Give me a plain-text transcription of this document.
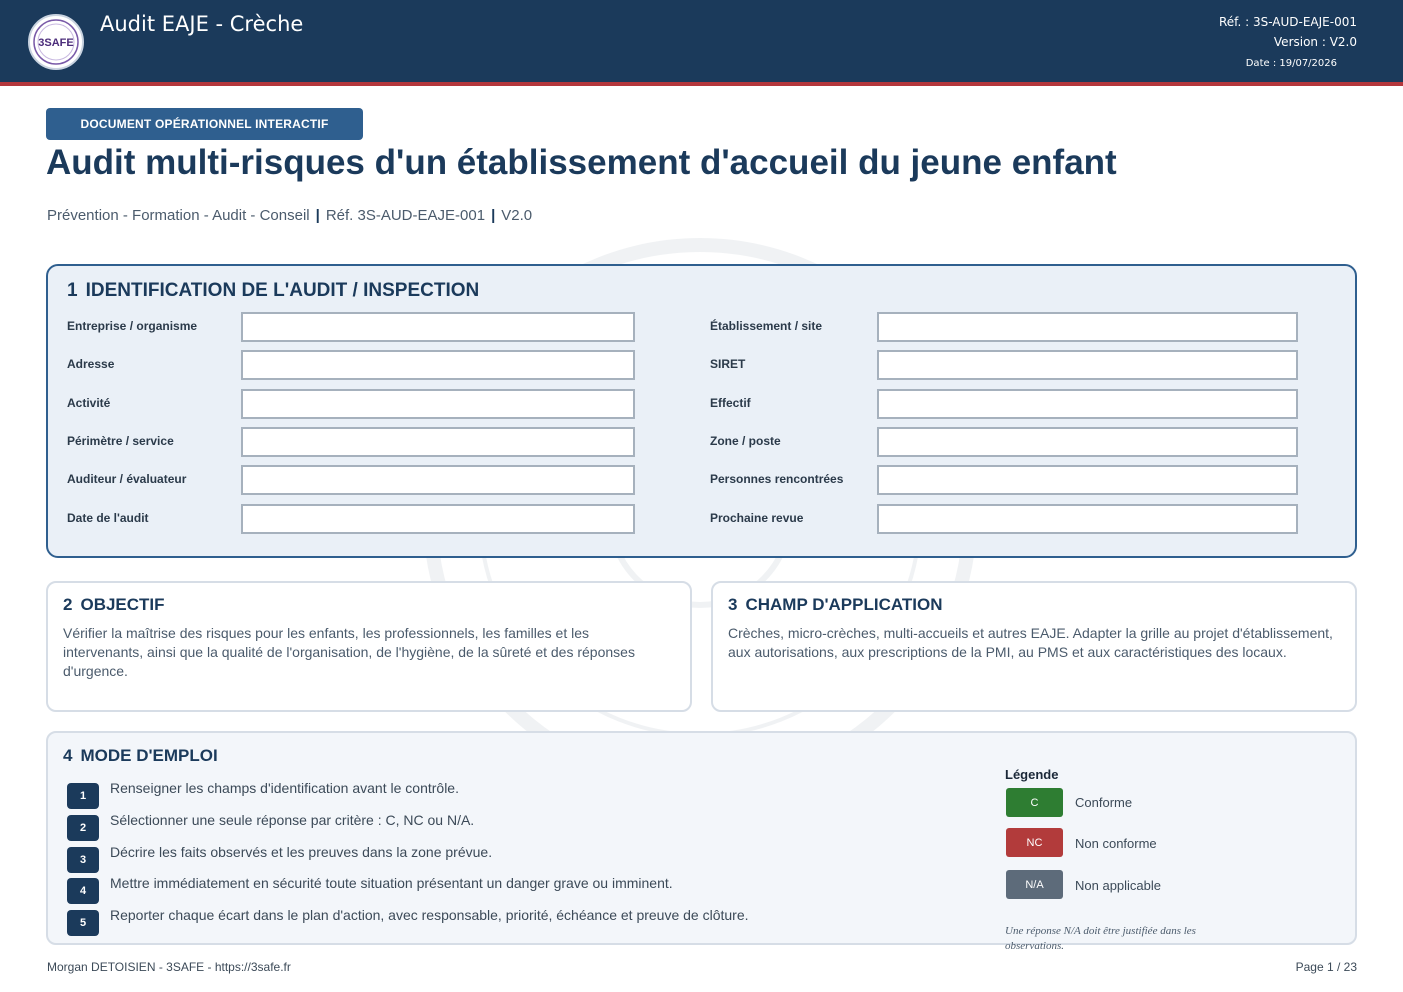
3SAFE
Audit EAJE - Crèche	Réf. : 3S-AUD-EAJE-001
Version : V2.0
Date : 19/07/2026
DOCUMENT OPÉRATIONNEL INTERACTIF
Audit multi-risques d'un établissement d'accueil du jeune enfant
Prévention - Formation - Audit - Conseil | Réf. 3S-AUD-EAJE-001 | V2.0
1 IDENTIFICATION DE L'AUDIT / INSPECTION
Entreprise / organisme
Adresse
Activité
Périmètre / service
Auditeur / évaluateur
Date de l'audit
Établissement / site
SIRET
Effectif
Zone / poste
Personnes rencontrées
Prochaine revue
2 OBJECTIF
Vérifier la maîtrise des risques pour les enfants, les professionnels, les familles et les intervenants, ainsi que la qualité de l'organisation, de l'hygiène, de la sûreté et des réponses d'urgence.
3 CHAMP D'APPLICATION
Crèches, micro-crèches, multi-accueils et autres EAJE. Adapter la grille au projet d'établissement, aux autorisations, aux prescriptions de la PMI, au PMS et aux caractéristiques des locaux.
4 MODE D'EMPLOI
1	Renseigner les champs d'identification avant le contrôle.
2	Sélectionner une seule réponse par critère : C, NC ou N/A.
3	Décrire les faits observés et les preuves dans la zone prévue.
4	Mettre immédiatement en sécurité toute situation présentant un danger grave ou imminent.
5	Reporter chaque écart dans le plan d'action, avec responsable, priorité, échéance et preuve de clôture.
Légende
C	Conforme
NC	Non conforme
N/A	Non applicable
Une réponse N/A doit être justifiée dans les observations.
Morgan DETOISIEN - 3SAFE - https://3safe.fr	Page 1 / 23
